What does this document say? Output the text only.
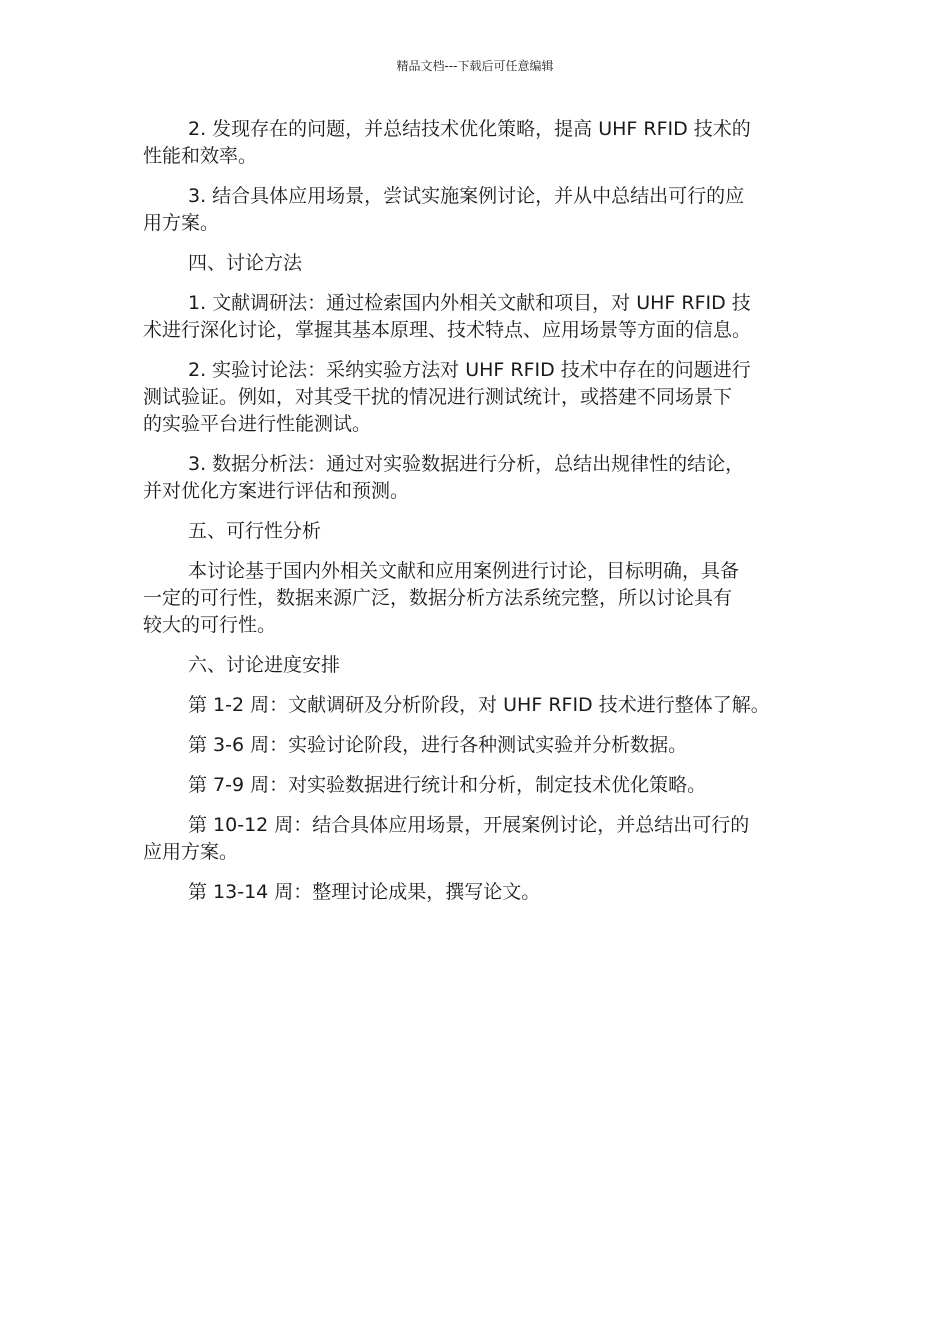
精品文档---下载后可任意编辑

2. 发现存在的问题，并总结技术优化策略，提高 UHF RFID 技术的
性能和效率。

3. 结合具体应用场景，尝试实施案例讨论，并从中总结出可行的应
用方案。

四、讨论方法

1. 文献调研法：通过检索国内外相关文献和项目，对 UHF RFID 技
术进行深化讨论，掌握其基本原理、技术特点、应用场景等方面的信息。

2. 实验讨论法：采纳实验方法对 UHF RFID 技术中存在的问题进行
测试验证。例如，对其受干扰的情况进行测试统计，或搭建不同场景下
的实验平台进行性能测试。

3. 数据分析法：通过对实验数据进行分析，总结出规律性的结论，
并对优化方案进行评估和预测。

五、可行性分析

本讨论基于国内外相关文献和应用案例进行讨论，目标明确，具备
一定的可行性，数据来源广泛，数据分析方法系统完整，所以讨论具有
较大的可行性。

六、讨论进度安排

第 1-2 周：文献调研及分析阶段，对 UHF RFID 技术进行整体了解。

第 3-6 周：实验讨论阶段，进行各种测试实验并分析数据。

第 7-9 周：对实验数据进行统计和分析，制定技术优化策略。

第 10-12 周：结合具体应用场景，开展案例讨论，并总结出可行的
应用方案。

第 13-14 周：整理讨论成果，撰写论文。
